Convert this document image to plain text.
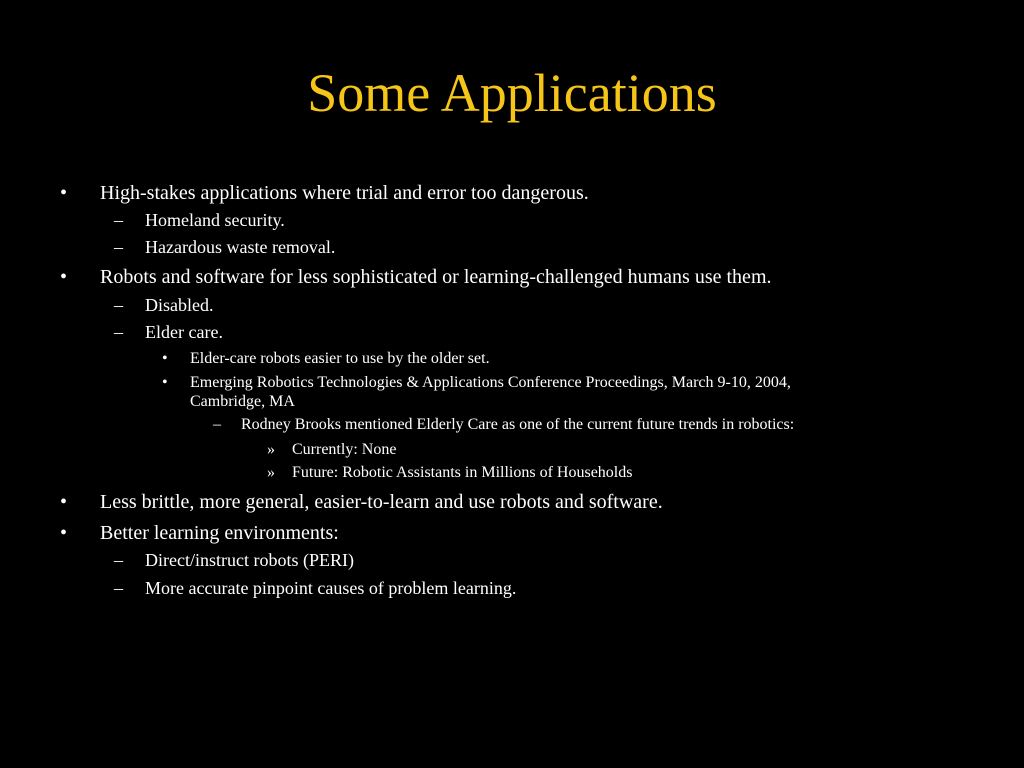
Some Applications
• High-stakes applications where trial and error too dangerous.
– Homeland security.
– Hazardous waste removal.
• Robots and software for less sophisticated or learning-challenged humans use them.
– Disabled.
– Elder care.
• Elder-care robots easier to use by the older set.
• Emerging Robotics Technologies & Applications Conference Proceedings, March 9-10, 2004,
Cambridge, MA
– Rodney Brooks mentioned Elderly Care as one of the current future trends in robotics:
» Currently: None
» Future: Robotic Assistants in Millions of Households
• Less brittle, more general, easier-to-learn and use robots and software.
• Better learning environments:
– Direct/instruct robots (PERI)
– More accurate pinpoint causes of problem learning.
